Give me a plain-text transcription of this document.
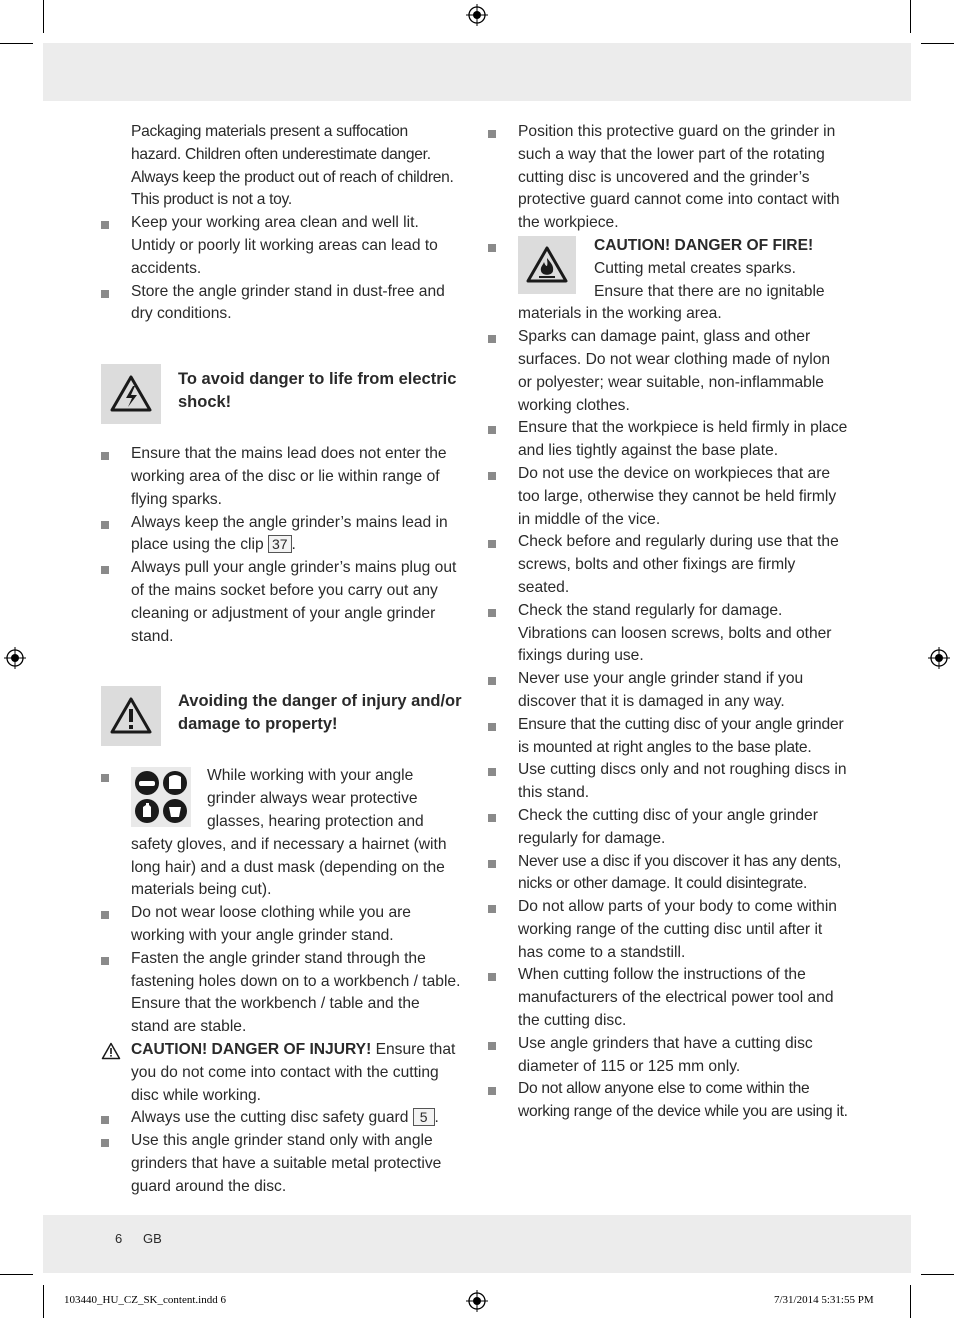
Packaging materials present a suffocation hazard. Children often underestimate danger. Always keep the product out of reach of children. This product is not a toy.

Keep your working area clean and well lit. Untidy or poorly lit working areas can lead to accidents.

Store the angle grinder stand in dust-free and dry conditions.

To avoid danger to life from electric shock!

Ensure that the mains lead does not enter the working area of the disc or lie within range of flying sparks.

Always keep the angle grinder’s mains lead in place using the clip 37 .

Always pull your angle grinder’s mains plug out of the mains socket before you carry out any cleaning or adjustment of your angle grinder stand.

Avoiding the danger of injury and/or damage to property!
While working with your angle grinder always wear protective glasses, hearing protection and safety gloves, and if necessary a hairnet (with long hair) and a dust mask (depending on the materials being cut).

Do not wear loose clothing while you are working with your angle grinder stand.

Fasten the angle grinder stand through the fastening holes down on to a workbench / table. Ensure that the workbench / table and the stand are stable.

CAUTION! DANGER OF INJURY! Ensure that you do not come into contact with the cutting disc while working.

Always use the cutting disc safety guard 5 .

Use this angle grinder stand only with angle grinders that have a suitable metal protective guard around the disc.

Position this protective guard on the grinder in such a way that the lower part of the rotating cutting disc is uncovered and the grinder’s protective guard cannot come into contact with the workpiece.

CAUTION! DANGER OF FIRE!
Cutting metal creates sparks. Ensure that there are no ignitable materials in the working area.

Sparks can damage paint, glass and other surfaces. Do not wear clothing made of nylon or polyester; wear suitable, non-inflammable working clothes.

Ensure that the workpiece is held firmly in place and lies tightly against the base plate.

Do not use the device on workpieces that are too large, otherwise they cannot be held firmly in middle of the vice.

Check before and regularly during use that the screws, bolts and other fixings are firmly seated.

Check the stand regularly for damage. Vibrations can loosen screws, bolts and other fixings during use.

Never use your angle grinder stand if you discover that it is damaged in any way.

Ensure that the cutting disc of your angle grinder is mounted at right angles to the base plate.

Use cutting discs only and not roughing discs in this stand.

Check the cutting disc of your angle grinder regularly for damage.

Never use a disc if you discover it has any dents, nicks or other damage. It could disintegrate.

Do not allow parts of your body to come within working range of the cutting disc until after it has come to a standstill.

When cutting follow the instructions of the manufacturers of the electrical power tool and the cutting disc.

Use angle grinders that have a cutting disc diameter of 115 or 125 mm only.

Do not allow anyone else to come within the working range of the device while you are using it.

6 GB
103440_HU_CZ_SK_content.indd 6	7/31/2014 5:31:55 PM
